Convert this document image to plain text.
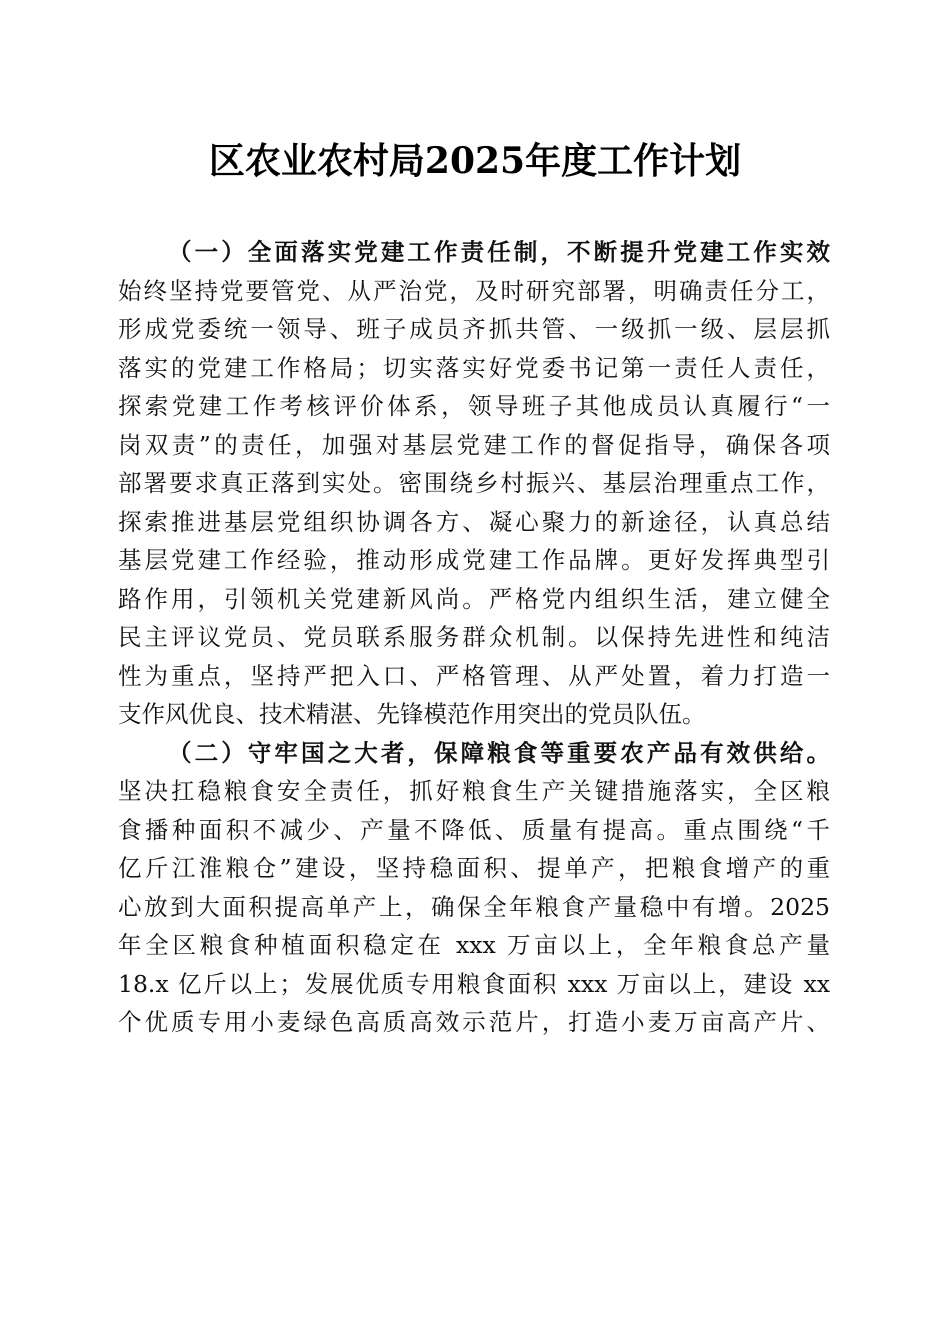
区农业农村局2025年度工作计划
（一）全面落实党建工作责任制，不断提升党建工作实效
始终坚持党要管党、从严治党，及时研究部署，明确责任分工，
形成党委统一领导、班子成员齐抓共管、一级抓一级、层层抓
落实的党建工作格局；切实落实好党委书记第一责任人责任，
探索党建工作考核评价体系，领导班子其他成员认真履行“一
岗双责”的责任，加强对基层党建工作的督促指导，确保各项
部署要求真正落到实处。密围绕乡村振兴、基层治理重点工作，
探索推进基层党组织协调各方、凝心聚力的新途径，认真总结
基层党建工作经验，推动形成党建工作品牌。更好发挥典型引
路作用，引领机关党建新风尚。严格党内组织生活，建立健全
民主评议党员、党员联系服务群众机制。以保持先进性和纯洁
性为重点，坚持严把入口、严格管理、从严处置，着力打造一
支作风优良、技术精湛、先锋模范作用突出的党员队伍。
（二）守牢国之大者，保障粮食等重要农产品有效供给。
坚决扛稳粮食安全责任，抓好粮食生产关键措施落实，全区粮
食播种面积不减少、产量不降低、质量有提高。重点围绕“千
亿斤江淮粮仓”建设，坚持稳面积、提单产，把粮食增产的重
心放到大面积提高单产上，确保全年粮食产量稳中有增。2025
年全区粮食种植面积稳定在 xxx 万亩以上，全年粮食总产量
18.x 亿斤以上；发展优质专用粮食面积 xxx 万亩以上，建设 xx
个优质专用小麦绿色高质高效示范片，打造小麦万亩高产片、
